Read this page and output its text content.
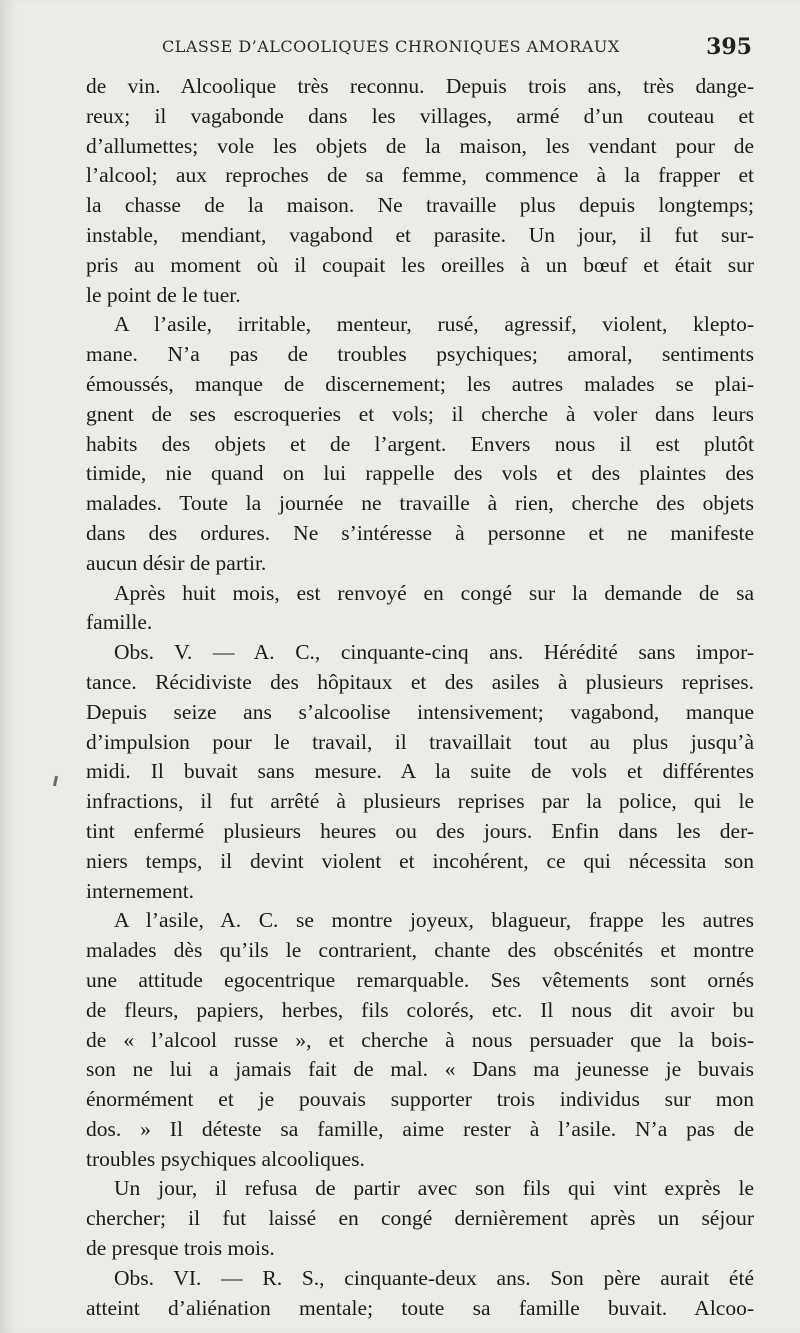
CLASSE D’ALCOOLIQUES CHRONIQUES AMORAUX	395
de vin. Alcoolique très reconnu. Depuis trois ans, très dange-
reux; il vagabonde dans les villages, armé d’un couteau et
d’allumettes; vole les objets de la maison, les vendant pour de
l’alcool; aux reproches de sa femme, commence à la frapper et
la chasse de la maison. Ne travaille plus depuis longtemps;
instable, mendiant, vagabond et parasite. Un jour, il fut sur-
pris au moment où il coupait les oreilles à un bœuf et était sur
le point de le tuer.
A l’asile, irritable, menteur, rusé, agressif, violent, klepto-
mane. N’a pas de troubles psychiques; amoral, sentiments
émoussés, manque de discernement; les autres malades se plai-
gnent de ses escroqueries et vols; il cherche à voler dans leurs
habits des objets et de l’argent. Envers nous il est plutôt
timide, nie quand on lui rappelle des vols et des plaintes des
malades. Toute la journée ne travaille à rien, cherche des objets
dans des ordures. Ne s’intéresse à personne et ne manifeste
aucun désir de partir.
Après huit mois, est renvoyé en congé sur la demande de sa
famille.
Obs. V. — A. C., cinquante-cinq ans. Hérédité sans impor-
tance. Récidiviste des hôpitaux et des asiles à plusieurs reprises.
Depuis seize ans s’alcoolise intensivement; vagabond, manque
d’impulsion pour le travail, il travaillait tout au plus jusqu’à
midi. Il buvait sans mesure. A la suite de vols et différentes
infractions, il fut arrêté à plusieurs reprises par la police, qui le
tint enfermé plusieurs heures ou des jours. Enfin dans les der-
niers temps, il devint violent et incohérent, ce qui nécessita son
internement.
A l’asile, A. C. se montre joyeux, blagueur, frappe les autres
malades dès qu’ils le contrarient, chante des obscénités et montre
une attitude egocentrique remarquable. Ses vêtements sont ornés
de fleurs, papiers, herbes, fils colorés, etc. Il nous dit avoir bu
de « l’alcool russe », et cherche à nous persuader que la bois-
son ne lui a jamais fait de mal. « Dans ma jeunesse je buvais
énormément et je pouvais supporter trois individus sur mon
dos. » Il déteste sa famille, aime rester à l’asile. N’a pas de
troubles psychiques alcooliques.
Un jour, il refusa de partir avec son fils qui vint exprès le
chercher; il fut laissé en congé dernièrement après un séjour
de presque trois mois.
Obs. VI. — R. S., cinquante-deux ans. Son père aurait été
atteint d’aliénation mentale; toute sa famille buvait. Alcoo-
